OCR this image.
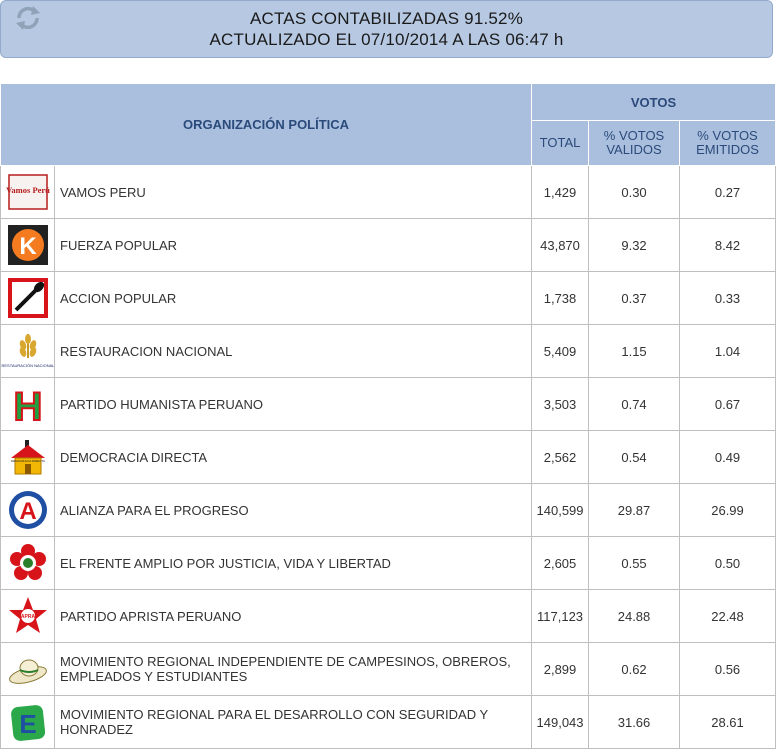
ACTAS CONTABILIZADAS 91.52%
ACTUALIZADO EL 07/10/2014 A LAS 06:47 h
ORGANIZACIÓN POLÍTICA		VOTOS		
		TOTAL	% VOTOS VALIDOS	% VOTOS EMITIDOS

Vamos Perú	VAMOS PERU	1,429	0.30	0.27

K	FUERZA POPULAR	43,870	9.32	8.42

	ACCION POPULAR	1,738	0.37	0.33

RESTAURACIÓN NACIONAL	RESTAURACION NACIONAL	5,409	1.15	1.04

H	PARTIDO HUMANISTA PERUANO	3,503	0.74	0.67

DEMOCRACIA DIRECTA	DEMOCRACIA DIRECTA	2,562	0.54	0.49

A	ALIANZA PARA EL PROGRESO	140,599	29.87	26.99

	EL FRENTE AMPLIO POR JUSTICIA, VIDA Y LIBERTAD	2,605	0.55	0.50

APRA	PARTIDO APRISTA PERUANO	117,123	24.88	22.48

	MOVIMIENTO REGIONAL INDEPENDIENTE DE CAMPESINOS, OBREROS, EMPLEADOS Y ESTUDIANTES	2,899	0.62	0.56

E	MOVIMIENTO REGIONAL PARA EL DESARROLLO CON SEGURIDAD Y HONRADEZ	149,043	31.66	28.61
